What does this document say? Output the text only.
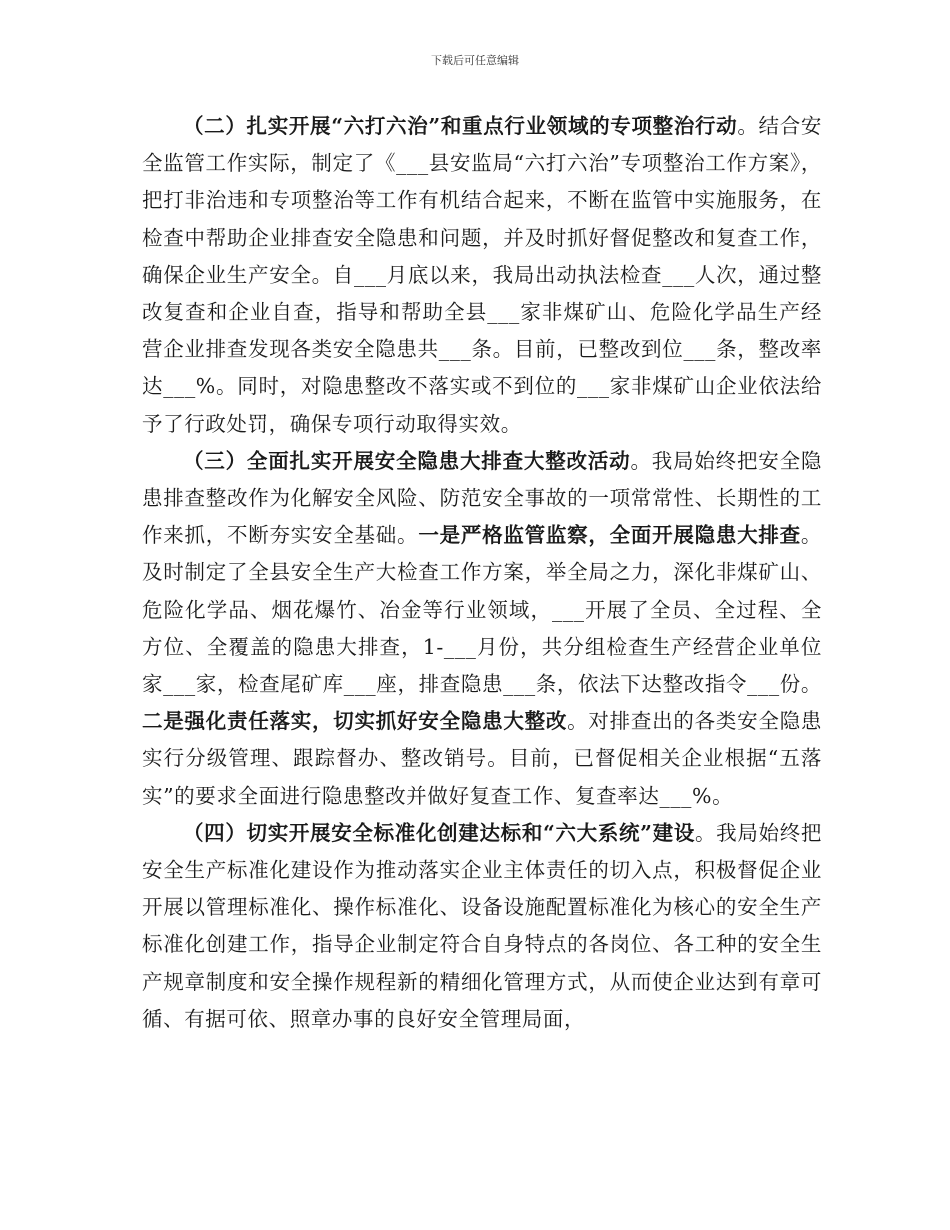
下载后可任意编辑

（二）扎实开展“六打六治”和重点行业领域的专项整治行动。结合安全监管工作实际，制定了《___县安监局“六打六治”专项整治工作方案》，把打非治违和专项整治等工作有机结合起来，不断在监管中实施服务，在检查中帮助企业排查安全隐患和问题，并及时抓好督促整改和复查工作，确保企业生产安全。自___月底以来，我局出动执法检查___人次，通过整改复查和企业自查，指导和帮助全县___家非煤矿山、危险化学品生产经营企业排查发现各类安全隐患共___条。目前，已整改到位___条，整改率达___%。同时，对隐患整改不落实或不到位的___家非煤矿山企业依法给予了行政处罚，确保专项行动取得实效。

（三）全面扎实开展安全隐患大排查大整改活动。我局始终把安全隐患排查整改作为化解安全风险、防范安全事故的一项常常性、长期性的工作来抓，不断夯实安全基础。一是严格监管监察，全面开展隐患大排查。及时制定了全县安全生产大检查工作方案，举全局之力，深化非煤矿山、危险化学品、烟花爆竹、冶金等行业领域，___开展了全员、全过程、全方位、全覆盖的隐患大排查，1-___月份，共分组检查生产经营企业单位家___家，检查尾矿库___座，排查隐患___条，依法下达整改指令___份。二是强化责任落实，切实抓好安全隐患大整改。对排查出的各类安全隐患实行分级管理、跟踪督办、整改销号。目前，已督促相关企业根据“五落实”的要求全面进行隐患整改并做好复查工作、复查率达___%。

（四）切实开展安全标准化创建达标和“六大系统”建设。我局始终把安全生产标准化建设作为推动落实企业主体责任的切入点，积极督促企业开展以管理标准化、操作标准化、设备设施配置标准化为核心的安全生产标准化创建工作，指导企业制定符合自身特点的各岗位、各工种的安全生产规章制度和安全操作规程新的精细化管理方式，从而使企业达到有章可循、有据可依、照章办事的良好安全管理局面，
